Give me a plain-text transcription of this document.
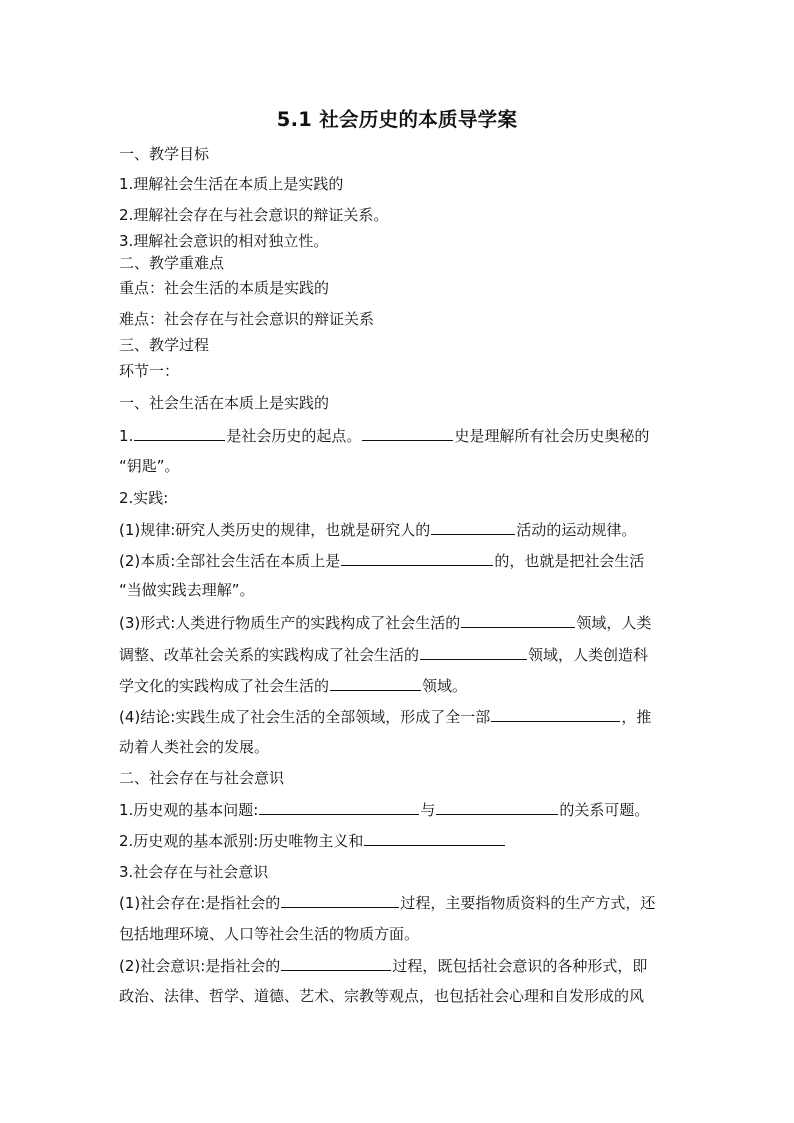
5.1 社会历史的本质导学案
一、教学目标
1.理解社会生活在本质上是实践的
2.理解社会存在与社会意识的辩证关系。
3.理解社会意识的相对独立性。
二、教学重难点
重点：社会生活的本质是实践的
难点：社会存在与社会意识的辩证关系
三、教学过程
环节一：
一、社会生活在本质上是实践的
1.	是社会历史的起点。	史是理解所有社会历史奥秘的
“钥匙”。
2.实践:
(1)规律:研究人类历史的规律，也就是研究人的	活动的运动规律。
(2)本质:全部社会生活在本质上是	的，也就是把社会生活
“当做实践去理解”。
(3)形式:人类进行物质生产的实践构成了社会生活的	领域，人类
调整、改革社会关系的实践构成了社会生活的	领域，人类创造科
学文化的实践构成了社会生活的	领域。
(4)结论:实践生成了社会生活的全部领域，形成了全一部	，推
动着人类社会的发展。
二、社会存在与社会意识
1.历史观的基本问题:	与	的关系可题。
2.历史观的基本派别:历史唯物主义和
3.社会存在与社会意识
(1)社会存在:是指社会的	过程，主要指物质资料的生产方式，还
包括地理环境、人口等社会生活的物质方面。
(2)社会意识:是指社会的	过程，既包括社会意识的各种形式，即
政治、法律、哲学、道德、艺术、宗教等观点，也包括社会心理和自发形成的风
